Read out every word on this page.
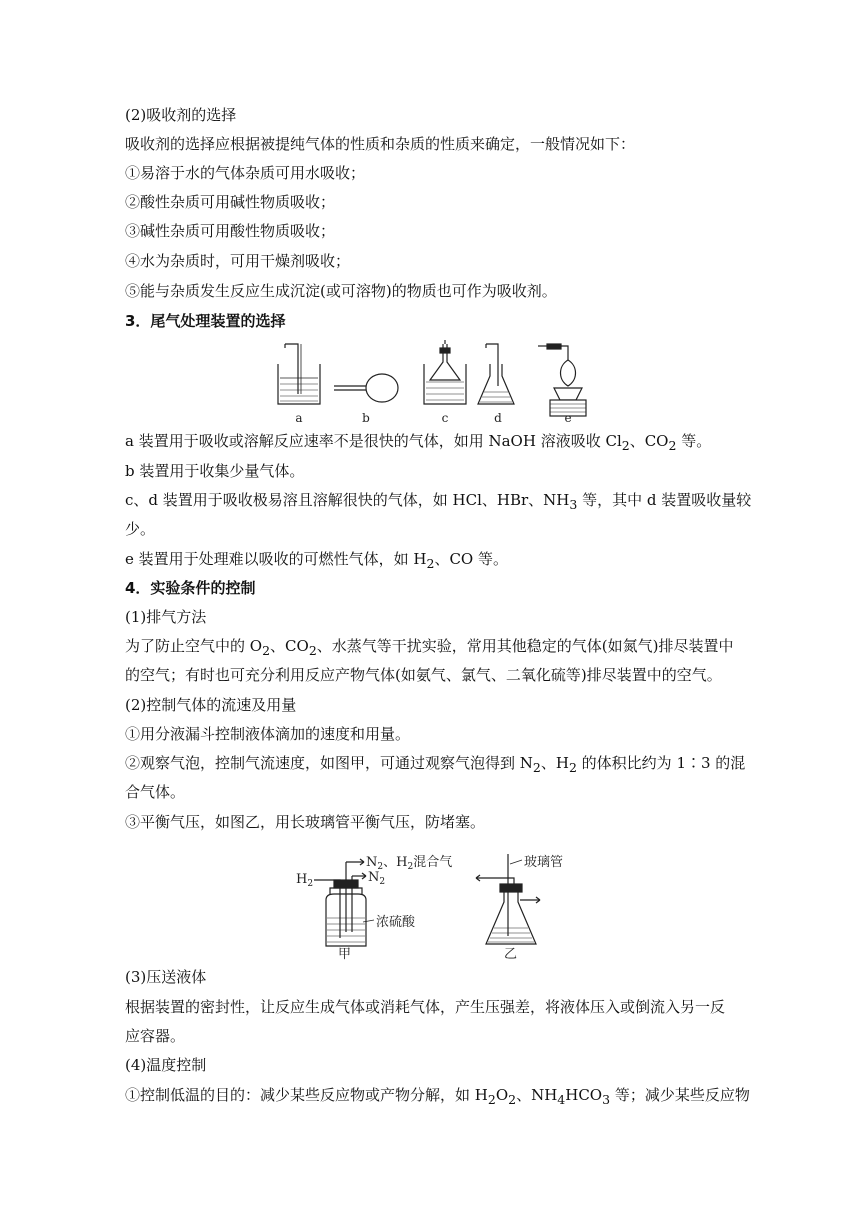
(2)吸收剂的选择
吸收剂的选择应根据被提纯气体的性质和杂质的性质来确定，一般情况如下：
①易溶于水的气体杂质可用水吸收；
②酸性杂质可用碱性物质吸收；
③碱性杂质可用酸性物质吸收；
④水为杂质时，可用干燥剂吸收；
⑤能与杂质发生反应生成沉淀(或可溶物)的物质也可作为吸收剂。
3．尾气处理装置的选择
a	b	c	d	e
a 装置用于吸收或溶解反应速率不是很快的气体，如用 NaOH 溶液吸收 $Cl_2$、$CO_2$ 等。
b 装置用于收集少量气体。
c、d 装置用于吸收极易溶且溶解很快的气体，如 HCl、HBr、$NH_3$ 等，其中 d 装置吸收量较
少。
e 装置用于处理难以吸收的可燃性气体，如 $H_2$、CO 等。
4．实验条件的控制
(1)排气方法
为了防止空气中的 $O_2$、$CO_2$、水蒸气等干扰实验，常用其他稳定的气体(如氮气)排尽装置中
的空气；有时也可充分利用反应产物气体(如氨气、氯气、二氧化硫等)排尽装置中的空气。
(2)控制气体的流速及用量
①用分液漏斗控制液体滴加的速度和用量。
②观察气泡，控制气流速度，如图甲，可通过观察气泡得到 $N_2$、$H_2$ 的体积比约为 1∶3 的混
合气体。
③平衡气压，如图乙，用长玻璃管平衡气压，防堵塞。
$H_2$
$N_2$、$H_2$混合气
$N_2$
浓硫酸
甲
玻璃管
乙
(3)压送液体
根据装置的密封性，让反应生成气体或消耗气体，产生压强差，将液体压入或倒流入另一反
应容器。
(4)温度控制
①控制低温的目的：减少某些反应物或产物分解，如 $H_2O_2$、$NH_4HCO_3$ 等；减少某些反应物
